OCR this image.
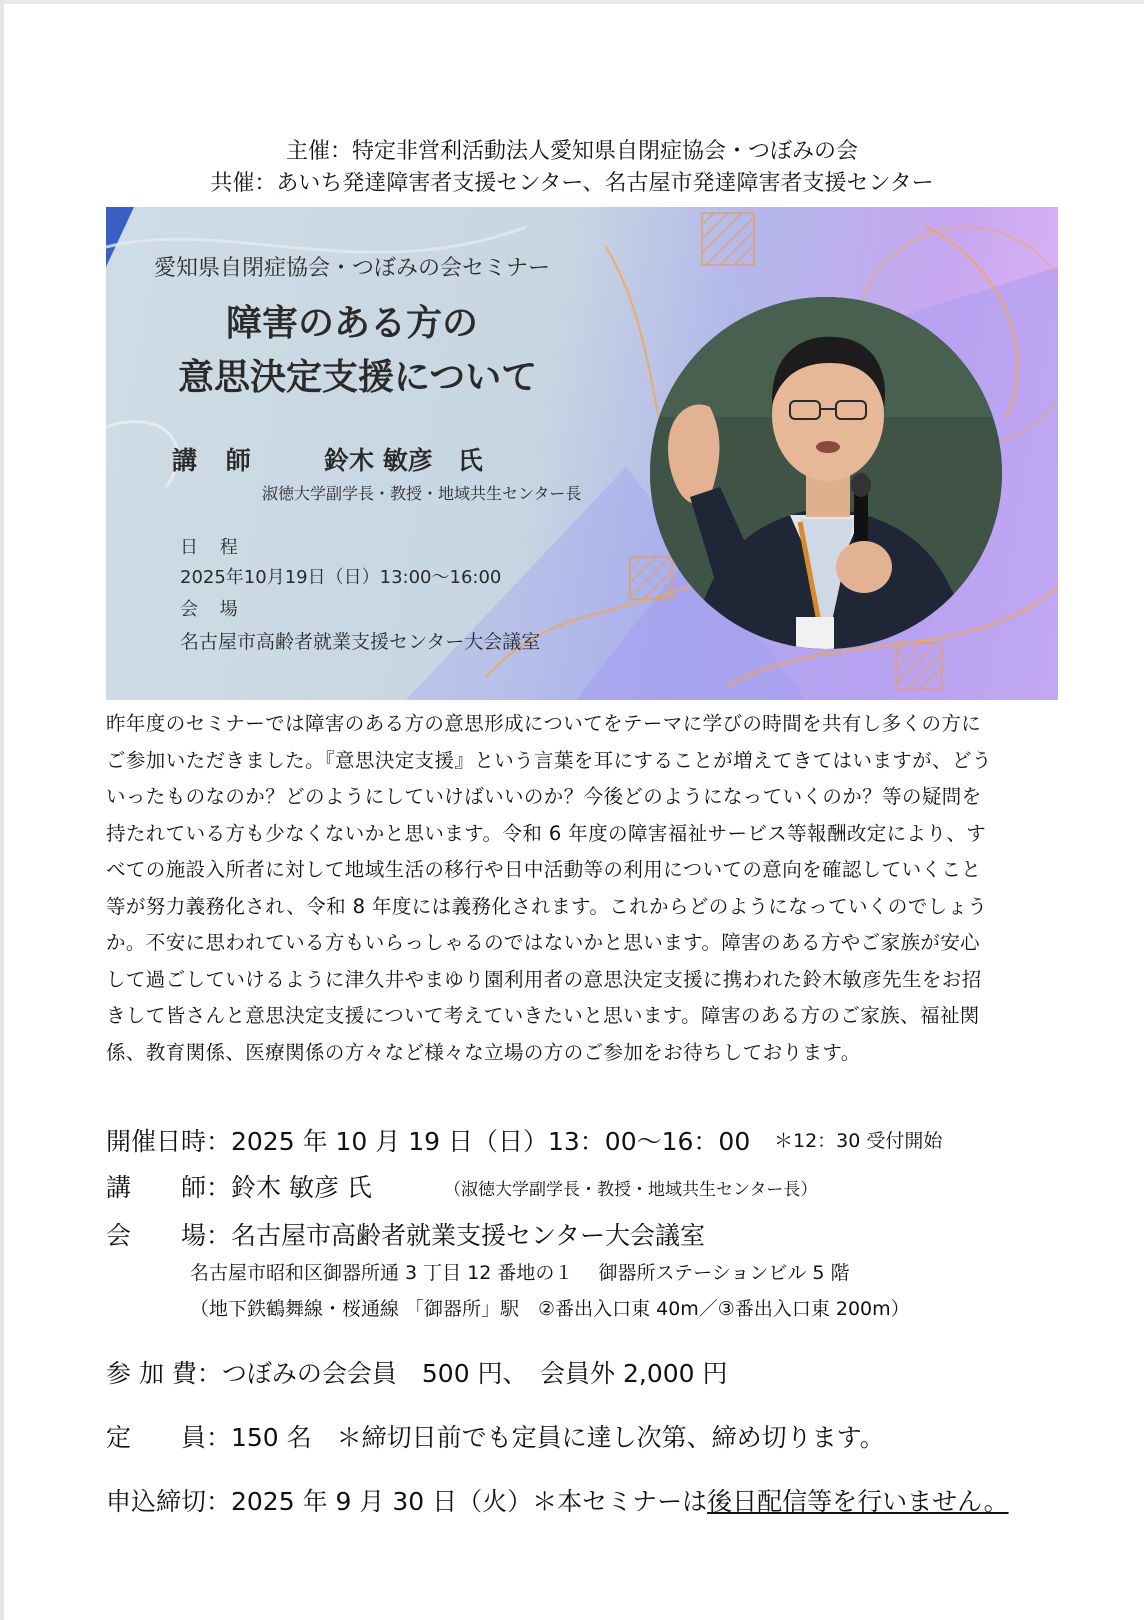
主催：特定非営利活動法人愛知県自閉症協会・つぼみの会
共催：あいち発達障害者支援センター、名古屋市発達障害者支援センター
愛知県自閉症協会・つぼみの会セミナー
障害のある方の
意思決定支援について
講 師	鈴木 敏彦　氏
淑徳大学副学長・教授・地域共生センター長
日 程
2025年10月19日（日）13:00～16:00
会 場
名古屋市高齢者就業支援センター大会議室
昨年度のセミナーでは障害のある方の意思形成についてをテーマに学びの時間を共有し多くの方に
ご参加いただきました。『意思決定支援』という言葉を耳にすることが増えてきてはいますが、どう
いったものなのか？どのようにしていけばいいのか？今後どのようになっていくのか？等の疑問を
持たれている方も少なくないかと思います。令和 6 年度の障害福祉サービス等報酬改定により、す
べての施設入所者に対して地域生活の移行や日中活動等の利用についての意向を確認していくこと
等が努力義務化され、令和 8 年度には義務化されます。これからどのようになっていくのでしょう
か。不安に思われている方もいらっしゃるのではないかと思います。障害のある方やご家族が安心
して過ごしていけるように津久井やまゆり園利用者の意思決定支援に携われた鈴木敏彦先生をお招
きして皆さんと意思決定支援について考えていきたいと思います。障害のある方のご家族、福祉関
係、教育関係、医療関係の方々など様々な立場の方のご参加をお待ちしております。
開催日時：2025 年 10 月 19 日（日）13：00～16：00 ＊12：30 受付開始
講　　師：鈴木 敏彦 氏	（淑徳大学副学長・教授・地域共生センター長）
会　　場：名古屋市高齢者就業支援センター大会議室
名古屋市昭和区御器所通 3 丁目 12 番地の１　 御器所ステーションビル 5 階
（地下鉄鶴舞線・桜通線 「御器所」駅　②番出入口東 40m／③番出入口東 200m）
参 加 費：つぼみの会会員　500 円、　会員外 2,000 円
定　　員：150 名　＊締切日前でも定員に達し次第、締め切ります。
申込締切：2025 年 9 月 30 日（火）＊本セミナーは後日配信等を行いません。
